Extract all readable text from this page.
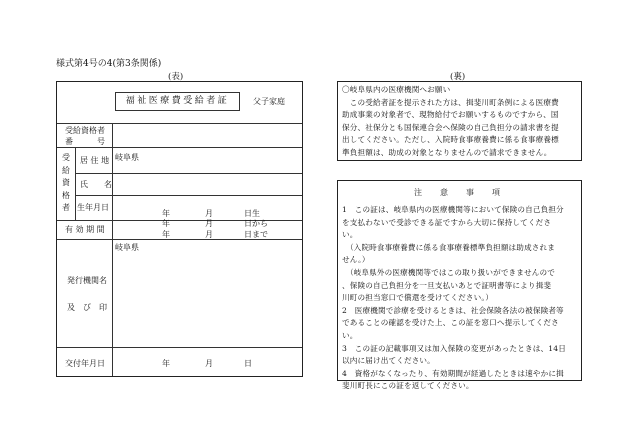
様式第4号の4(第3条関係)
(表)	(裏)
福祉医療費受給者証	父子家庭
受給資格者
番　　　号
受
給
資
格
者
居 住 地 岐阜県
氏　　名
生年月日
年	月	日生
有 効 期 間
年	月	日から
年	月	日まで
岐阜県
発行機関名
及　び　印
交付年月日	年	月	日
〇岐阜県内の医療機関へお願い
　この受給者証を提示された方は、揖斐川町条例による医療費
助成事業の対象者で、現物給付でお願いするものですから、国
保分、社保分とも国保連合会へ保険の自己負担分の請求書を提
出してください。ただし、入院時食事療養費に係る食事療養標
準負担額は、助成の対象となりませんので請求できません。
注　意　事　項
1　この証は、岐阜県内の医療機関等において保険の自己負担分
を支払わないで受診できる証ですから大切に保持してくださ
い。
　（入院時食事療養費に係る食事療養標準負担額は助成されま
せん。）
　（岐阜県外の医療機関等ではこの取り扱いができませんので
、保険の自己負担分を一旦支払いあとで証明書等により揖斐
川町の担当窓口で償還を受けてください。）
2　医療機関で診療を受けるときは、社会保険各法の被保険者等
であることの確認を受けた上、この証を窓口へ提示してくださ
い。
3　この証の記載事項又は加入保険の変更があったときは、14日
以内に届け出てください。
4　資格がなくなったり、有効期間が経過したときは速やかに揖
斐川町長にこの証を返してください。
